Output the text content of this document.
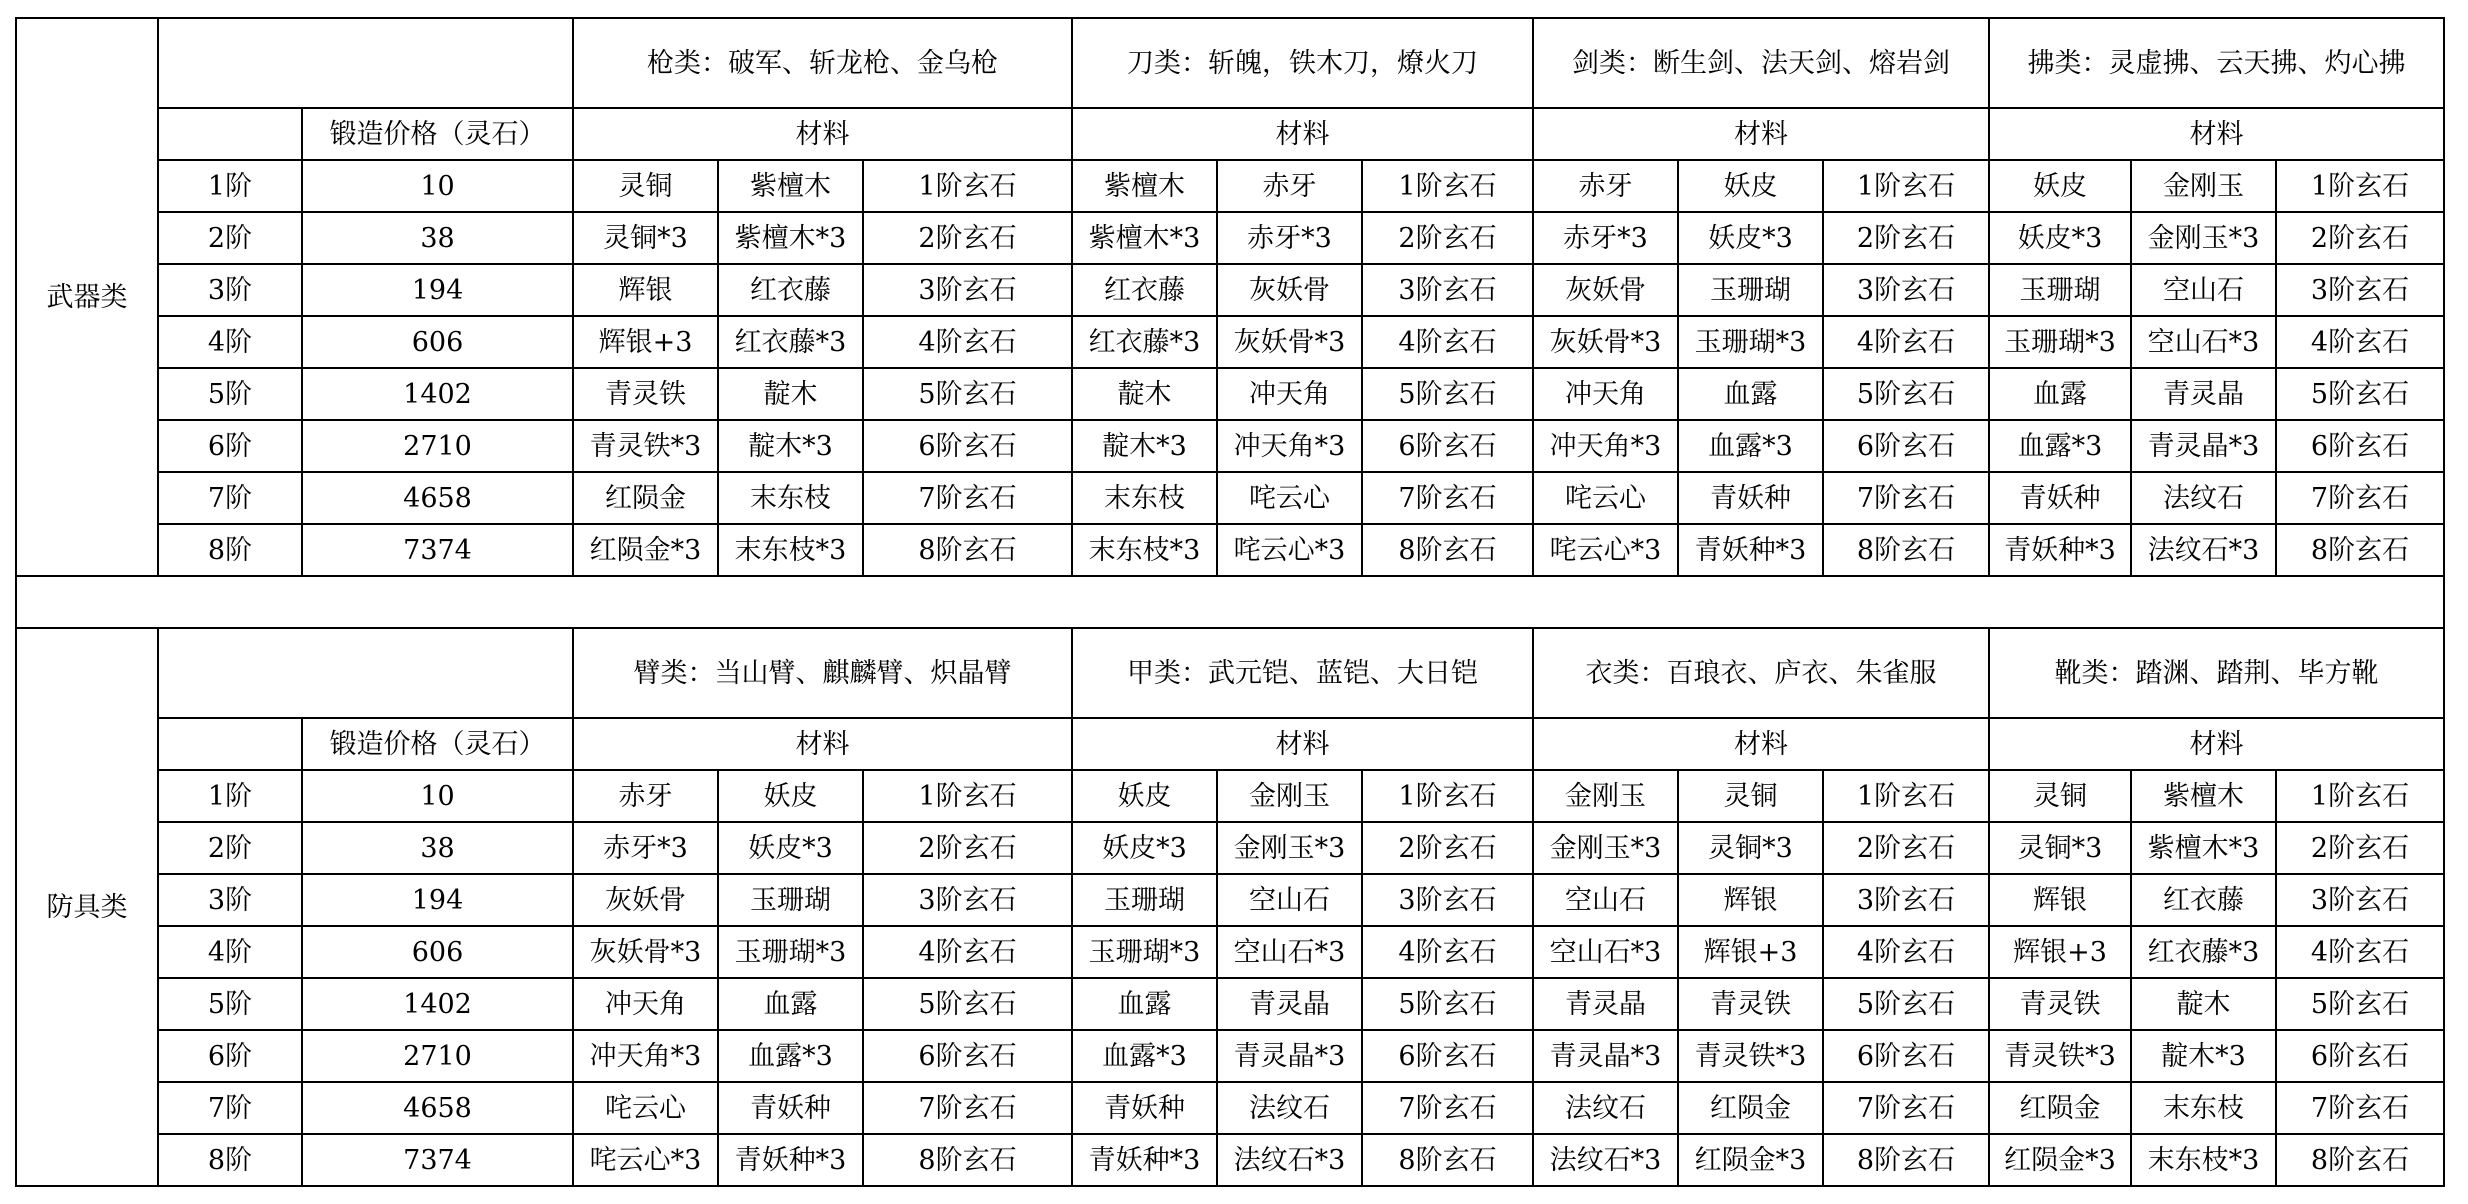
武器类			枪类：破军、斩龙枪、金乌枪			刀类：斩魄，铁木刀，燎火刀			剑类：断生剑、法天剑、熔岩剑			拂类：灵虚拂、云天拂、灼心拂		
		锻造价格（灵石）	材料			材料			材料			材料		
	1阶	10	灵铜	紫檀木	1阶玄石	紫檀木	赤牙	1阶玄石	赤牙	妖皮	1阶玄石	妖皮	金刚玉	1阶玄石
	2阶	38	灵铜*3	紫檀木*3	2阶玄石	紫檀木*3	赤牙*3	2阶玄石	赤牙*3	妖皮*3	2阶玄石	妖皮*3	金刚玉*3	2阶玄石
	3阶	194	辉银	红衣藤	3阶玄石	红衣藤	灰妖骨	3阶玄石	灰妖骨	玉珊瑚	3阶玄石	玉珊瑚	空山石	3阶玄石
	4阶	606	辉银+3	红衣藤*3	4阶玄石	红衣藤*3	灰妖骨*3	4阶玄石	灰妖骨*3	玉珊瑚*3	4阶玄石	玉珊瑚*3	空山石*3	4阶玄石
	5阶	1402	青灵铁	靛木	5阶玄石	靛木	冲天角	5阶玄石	冲天角	血露	5阶玄石	血露	青灵晶	5阶玄石
	6阶	2710	青灵铁*3	靛木*3	6阶玄石	靛木*3	冲天角*3	6阶玄石	冲天角*3	血露*3	6阶玄石	血露*3	青灵晶*3	6阶玄石
	7阶	4658	红陨金	末东枝	7阶玄石	末东枝	咤云心	7阶玄石	咤云心	青妖种	7阶玄石	青妖种	法纹石	7阶玄石
	8阶	7374	红陨金*3	末东枝*3	8阶玄石	末东枝*3	咤云心*3	8阶玄石	咤云心*3	青妖种*3	8阶玄石	青妖种*3	法纹石*3	8阶玄石

防具类			臂类：当山臂、麒麟臂、炽晶臂			甲类：武元铠、蓝铠、大日铠			衣类：百琅衣、庐衣、朱雀服			靴类：踏渊、踏荆、毕方靴		
		锻造价格（灵石）	材料			材料			材料			材料		
	1阶	10	赤牙	妖皮	1阶玄石	妖皮	金刚玉	1阶玄石	金刚玉	灵铜	1阶玄石	灵铜	紫檀木	1阶玄石
	2阶	38	赤牙*3	妖皮*3	2阶玄石	妖皮*3	金刚玉*3	2阶玄石	金刚玉*3	灵铜*3	2阶玄石	灵铜*3	紫檀木*3	2阶玄石
	3阶	194	灰妖骨	玉珊瑚	3阶玄石	玉珊瑚	空山石	3阶玄石	空山石	辉银	3阶玄石	辉银	红衣藤	3阶玄石
	4阶	606	灰妖骨*3	玉珊瑚*3	4阶玄石	玉珊瑚*3	空山石*3	4阶玄石	空山石*3	辉银+3	4阶玄石	辉银+3	红衣藤*3	4阶玄石
	5阶	1402	冲天角	血露	5阶玄石	血露	青灵晶	5阶玄石	青灵晶	青灵铁	5阶玄石	青灵铁	靛木	5阶玄石
	6阶	2710	冲天角*3	血露*3	6阶玄石	血露*3	青灵晶*3	6阶玄石	青灵晶*3	青灵铁*3	6阶玄石	青灵铁*3	靛木*3	6阶玄石
	7阶	4658	咤云心	青妖种	7阶玄石	青妖种	法纹石	7阶玄石	法纹石	红陨金	7阶玄石	红陨金	末东枝	7阶玄石
	8阶	7374	咤云心*3	青妖种*3	8阶玄石	青妖种*3	法纹石*3	8阶玄石	法纹石*3	红陨金*3	8阶玄石	红陨金*3	末东枝*3	8阶玄石
